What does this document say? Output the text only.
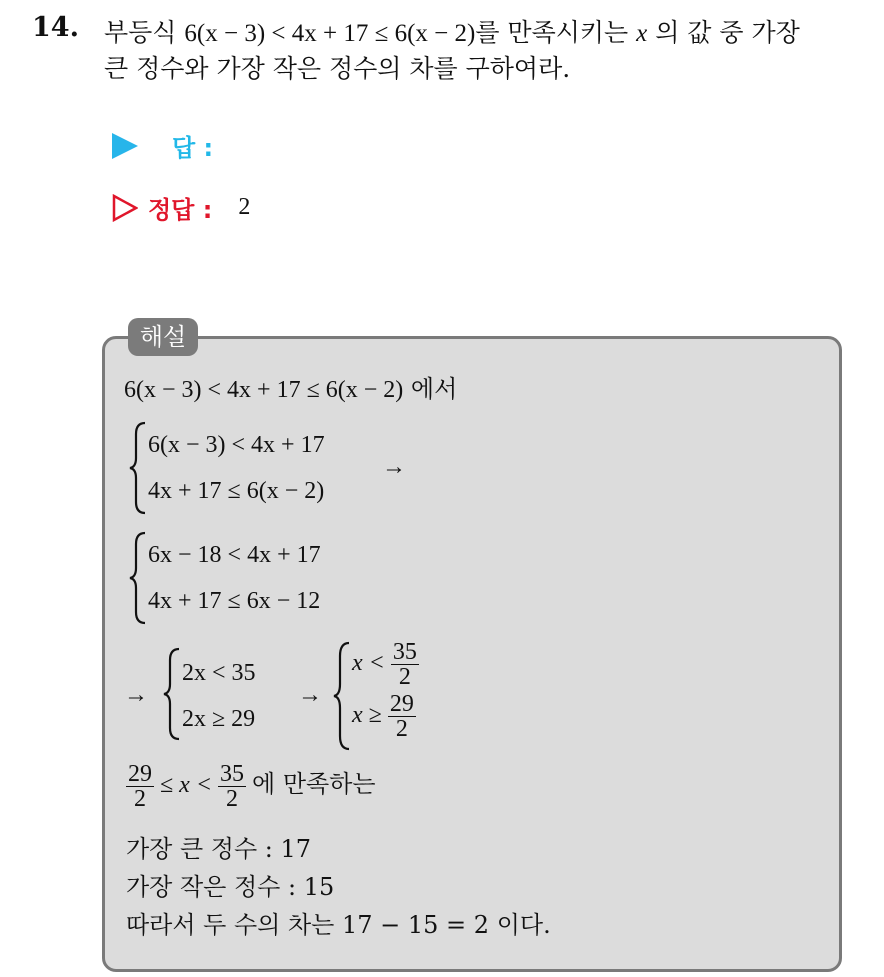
14. 부등식 6(x − 3) < 4x + 17 ≤ 6(x − 2)를 만족시키는 x 의 값 중 가장
큰 정수와 가장 작은 정수의 차를 구하여라.
답 :
정답 : 2
해설
6(x − 3) < 4x + 17 ≤ 6(x − 2) 에서
6(x − 3) < 4x + 17
4x + 17 ≤ 6(x − 2)
→
6x − 18 < 4x + 17
4x + 17 ≤ 6x − 12
→
2x < 35
2x ≥ 29
→
$x < \frac{35}{2}$
$x \ge \frac{29}{2}$
$\frac{29}{2} \le x < \frac{35}{2}$ 에 만족하는
가장 큰 정수 : 17
가장 작은 정수 : 15
따라서 두 수의 차는 17 − 15 = 2 이다.
